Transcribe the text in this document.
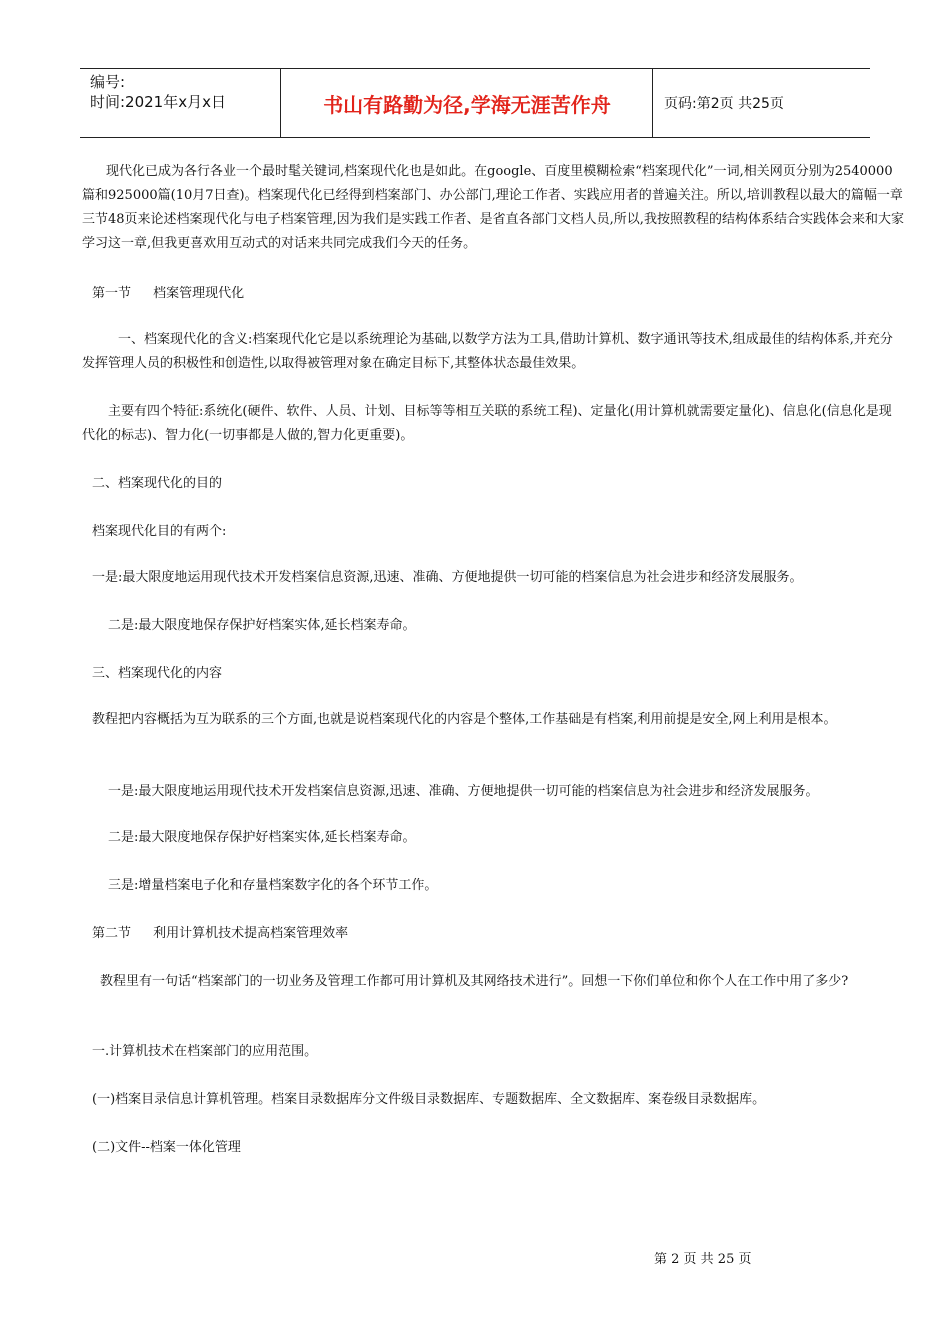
编号:
时间:2021年x月x日	书山有路勤为径,学海无涯苦作舟	页码:第2页 共25页

现代化已成为各行各业一个最时髦关键词,档案现代化也是如此。在google、百度里模糊检索“档案现代化”一词,相关网页分别为2540000篇和925000篇(10月7日查)。档案现代化已经得到档案部门、办公部门,理论工作者、实践应用者的普遍关注。所以,培训教程以最大的篇幅一章三节48页来论述档案现代化与电子档案管理,因为我们是实践工作者、是省直各部门文档人员,所以,我按照教程的结构体系结合实践体会来和大家学习这一章,但我更喜欢用互动式的对话来共同完成我们今天的任务。

第一节 档案管理现代化

一、档案现代化的含义:档案现代化它是以系统理论为基础,以数学方法为工具,借助计算机、数字通讯等技术,组成最佳的结构体系,并充分发挥管理人员的积极性和创造性,以取得被管理对象在确定目标下,其整体状态最佳效果。

主要有四个特征:系统化(硬件、软件、人员、计划、目标等等相互关联的系统工程)、定量化(用计算机就需要定量化)、信息化(信息化是现代化的标志)、智力化(一切事都是人做的,智力化更重要)。

二、档案现代化的目的

档案现代化目的有两个:

一是:最大限度地运用现代技术开发档案信息资源,迅速、准确、方便地提供一切可能的档案信息为社会进步和经济发展服务。

二是:最大限度地保存保护好档案实体,延长档案寿命。

三、档案现代化的内容

教程把内容概括为互为联系的三个方面,也就是说档案现代化的内容是个整体,工作基础是有档案,利用前提是安全,网上利用是根本。

一是:最大限度地运用现代技术开发档案信息资源,迅速、准确、方便地提供一切可能的档案信息为社会进步和经济发展服务。

二是:最大限度地保存保护好档案实体,延长档案寿命。

三是:增量档案电子化和存量档案数字化的各个环节工作。

第二节 利用计算机技术提高档案管理效率

教程里有一句话“档案部门的一切业务及管理工作都可用计算机及其网络技术进行”。回想一下你们单位和你个人在工作中用了多少?

一.计算机技术在档案部门的应用范围。

(一)档案目录信息计算机管理。档案目录数据库分文件级目录数据库、专题数据库、全文数据库、案卷级目录数据库。

(二)文件--档案一体化管理

第 2 页 共 25 页
